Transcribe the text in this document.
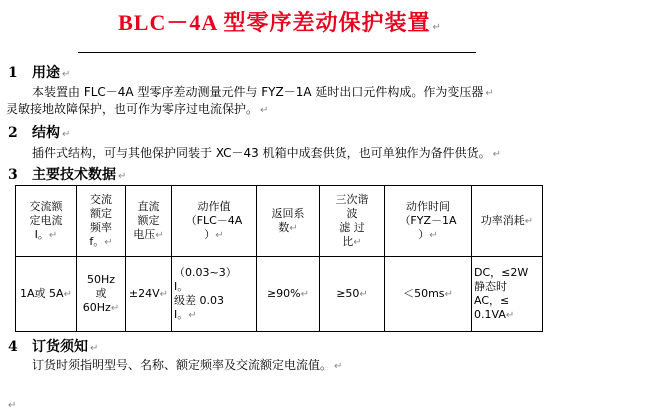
BLC－4A 型零序差动保护装置 ↵
1 用途 ↵
本装置由 FLC－4A 型零序差动测量元件与 FYZ－1A 延时出口元件构成。作为变压器 ↵
灵敏接地故障保护，也可作为零序过电流保护。 ↵
2 结构 ↵
插件式结构，可与其他保护同装于 XC－43 机箱中成套供货，也可单独作为备件供货。 ↵
3 主要技术数据 ↵
交流额
定电流
I。↵	交流
额定
频率
f。↵	直流
额定
电压↵	动作值
（FLC－4A
）↵	返回系
数↵	三次谐
波
滤 过
比↵	动作时间
（FYZ－1A
）↵	功率消耗↵
1A或 5A↵	50Hz
或
60Hz↵	±24V↵	（0.03~3）
I。
级差 0.03
I。↵	≥90%↵	≥50↵	＜50ms↵	DC，≤2W
静态时
AC，≤
0.1VA↵
4 订货须知 ↵
订货时须指明型号、名称、额定频率及交流额定电流值。 ↵
↵
